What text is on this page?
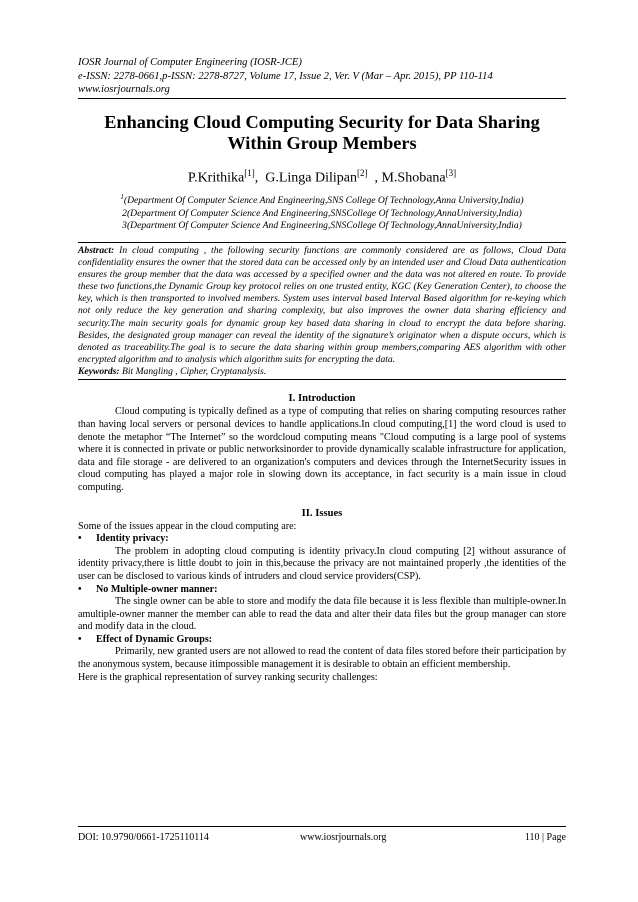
IOSR Journal of Computer Engineering (IOSR-JCE)
e-ISSN: 2278-0661,p-ISSN: 2278-8727, Volume 17, Issue 2, Ver. V (Mar – Apr. 2015), PP 110-114
www.iosrjournals.org
Enhancing Cloud Computing Security for Data Sharing Within Group Members
P.Krithika[1],  G.Linga Dilipan[2]  , M.Shobana[3]
$^1$(Department Of Computer Science And Engineering,SNS College Of Technology,Anna University,India)
2(Department Of Computer Science And Engineering,SNSCollege Of Technology,AnnaUniversity,India)
3(Department Of Computer Science And Engineering,SNSCollege Of Technology,AnnaUniversity,India)
Abstract: In cloud computing , the following security functions are commonly considered are as follows, Cloud Data confidentiality ensures the owner that the stored data can be accessed only by an intended user and Cloud Data authentication ensures the group member that the data was accessed by a specified owner and the data was not altered en route. To provide these two functions,the Dynamic Group key protocol relies on one trusted entity, KGC (Key Generation Center), to choose the key, which is then transported to involved members. System uses interval based Interval Based algorithm for re-keying which not only reduce the key generation and sharing complexity, but also improves the owner data sharing efficiency and security.The main security goals for dynamic group key based data sharing in cloud to encrypt the data before sharing. Besides, the designated group manager can reveal the identity of the signature’s originator when a dispute occurs, which is denoted as traceability.The goal is to secure the data sharing within group members,comparing AES algorithm with other encrypted algorithm and to analysis which algorithm suits for encrypting the data.
Keywords: Bit Mangling , Cipher, Cryptanalysis.
I. Introduction
Cloud computing is typically defined as a type of computing that relies on sharing computing resources rather than having local servers or personal devices to handle applications.In cloud computing,[1] the word cloud is used to denote the metaphor “The Internet” so the wordcloud computing means "Cloud computing is a large pool of systems where it is connected in private or public networksinorder to provide dynamically scalable infrastructure for application, data and file storage - are delivered to an organization's computers and devices through the InternetSecurity issues in cloud computing has played a major role in slowing down its acceptance, in fact security is a main issue in cloud computing.
II. Issues
Some of the issues appear in the cloud computing are:
•	Identity privacy:
The problem in adopting cloud computing is identity privacy.In cloud computing [2] without assurance of identity privacy,there is little doubt to join in this,because the privacy are not maintained properly ,the identities of the user can be disclosed to various kinds of intruders and cloud service providers(CSP).
•	No Multiple-owner manner:
The single owner can be able to store and modify the data file because it is less flexible than multiple-owner.In amultiple-owner manner the member can able to read the data and alter their data files but the group manager can store and modify data in the cloud.
•	Effect of Dynamic Groups:
Primarily, new granted users are not allowed to read the content of data files stored before their participation by the anonymous system, because itimpossible management it is desirable to obtain an efficient membership.
Here is the graphical representation of survey ranking security challenges:
DOI: 10.9790/0661-1725110114	www.iosrjournals.org	110 | Page
